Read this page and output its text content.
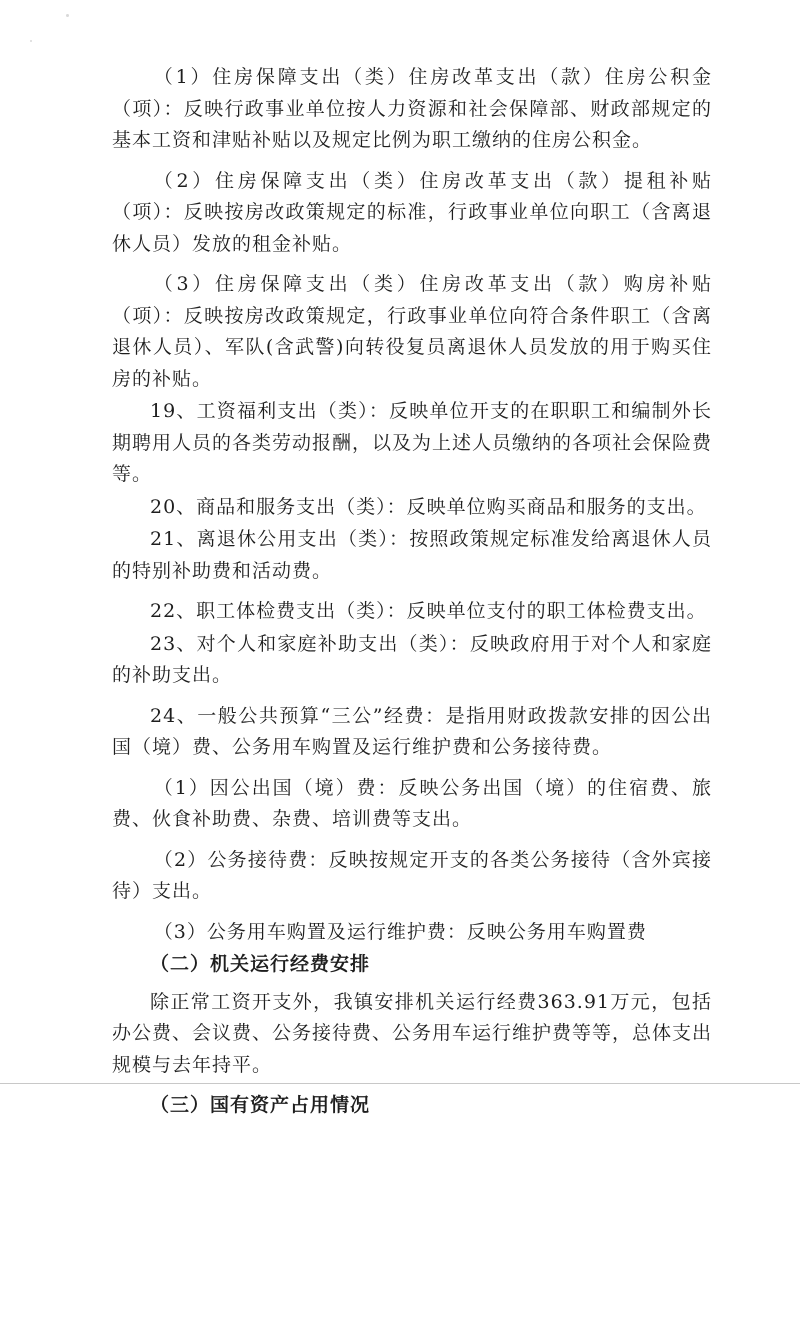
（1）住房保障支出（类）住房改革支出（款）住房公积金（项）：反映行政事业单位按人力资源和社会保障部、财政部规定的基本工资和津贴补贴以及规定比例为职工缴纳的住房公积金。

（2）住房保障支出（类）住房改革支出（款）提租补贴（项）：反映按房改政策规定的标准，行政事业单位向职工（含离退休人员）发放的租金补贴。

（3）住房保障支出（类）住房改革支出（款）购房补贴（项）：反映按房改政策规定，行政事业单位向符合条件职工（含离退休人员）、军队(含武警)向转役复员离退休人员发放的用于购买住房的补贴。

19、工资福利支出（类）：反映单位开支的在职职工和编制外长期聘用人员的各类劳动报酬，以及为上述人员缴纳的各项社会保险费等。

20、商品和服务支出（类）：反映单位购买商品和服务的支出。

21、离退休公用支出（类）：按照政策规定标准发给离退休人员的特别补助费和活动费。

22、职工体检费支出（类）：反映单位支付的职工体检费支出。

23、对个人和家庭补助支出（类）：反映政府用于对个人和家庭的补助支出。

24、一般公共预算“三公”经费：是指用财政拨款安排的因公出国（境）费、公务用车购置及运行维护费和公务接待费。

（1）因公出国（境）费：反映公务出国（境）的住宿费、旅费、伙食补助费、杂费、培训费等支出。

（2）公务接待费：反映按规定开支的各类公务接待（含外宾接待）支出。

（3）公务用车购置及运行维护费：反映公务用车购置费

（二）机关运行经费安排

除正常工资开支外，我镇安排机关运行经费363.91万元，包括办公费、会议费、公务接待费、公务用车运行维护费等等，总体支出规模与去年持平。

（三）国有资产占用情况
